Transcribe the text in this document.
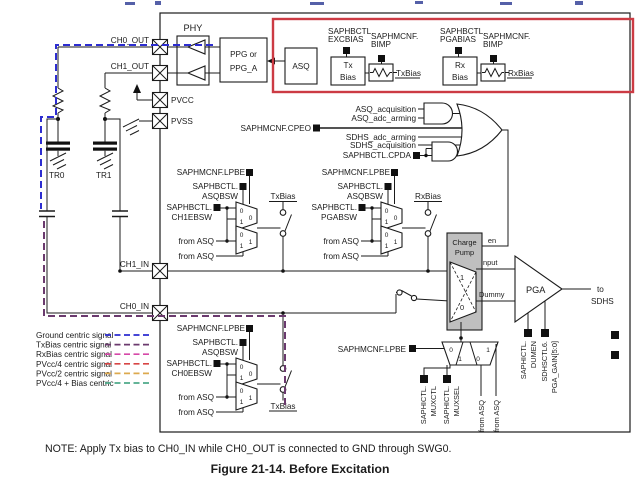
TR0	TR1
CH0_OUT
CH1_OUT
PVCC
PVSS
CH1_IN
CH0_IN
PHY
PPG or
PPG_A	ASQ
SAPHBCTL.
EXCBIAS SAPHMCNF.
BIMP
Tx
Bias	TxBias
SAPHBCTL.
PGABIAS SAPHMCNF.
BIMP
Rx
Bias	RxBias
SAPHMCNF.CPEO
ASQ_acquisition
ASQ_adc_arming
SDHS_adc_arming
SDHS_acquisition
SAPHBCTL.CPDA
en
SAPHMCNF.LPBE
SAPHBCTL.
ASQBSW
SAPHBCTL.
CH1EBSW
from ASQ
from ASQ
TxBias
SAPHMCNF.LPBE
SAPHBCTL.
ASQBSW
SAPHBCTL.
PGABSW
from ASQ
from ASQ
RxBias
SAPHMCNF.LPBE
SAPHBCTL.
ASQBSW
SAPHBCTL.
CH0EBSW
from ASQ
from ASQ
TxBias
Charge
Pump
1
0
Input
Dummy PGA	to
SDHS
SAPHICTL. DUMEN SDHSCTL6. PGA_GAIN[5:0]
SAPHMCNF.LPBE	0
1
1
0
SAPHICTL. MUXCTL SAPHICTL. MUXSEL from ASQ from ASQ
Ground centric signal
TxBias centric signal
RxBias centric signal
PVcc/4 centric signal
PVcc/2 centric signal
PVcc/4 + Bias centric
NOTE: Apply Tx bias to CH0_IN while CH0_OUT is connected to GND through SWG0.
Figure 21-14. Before Excitation
